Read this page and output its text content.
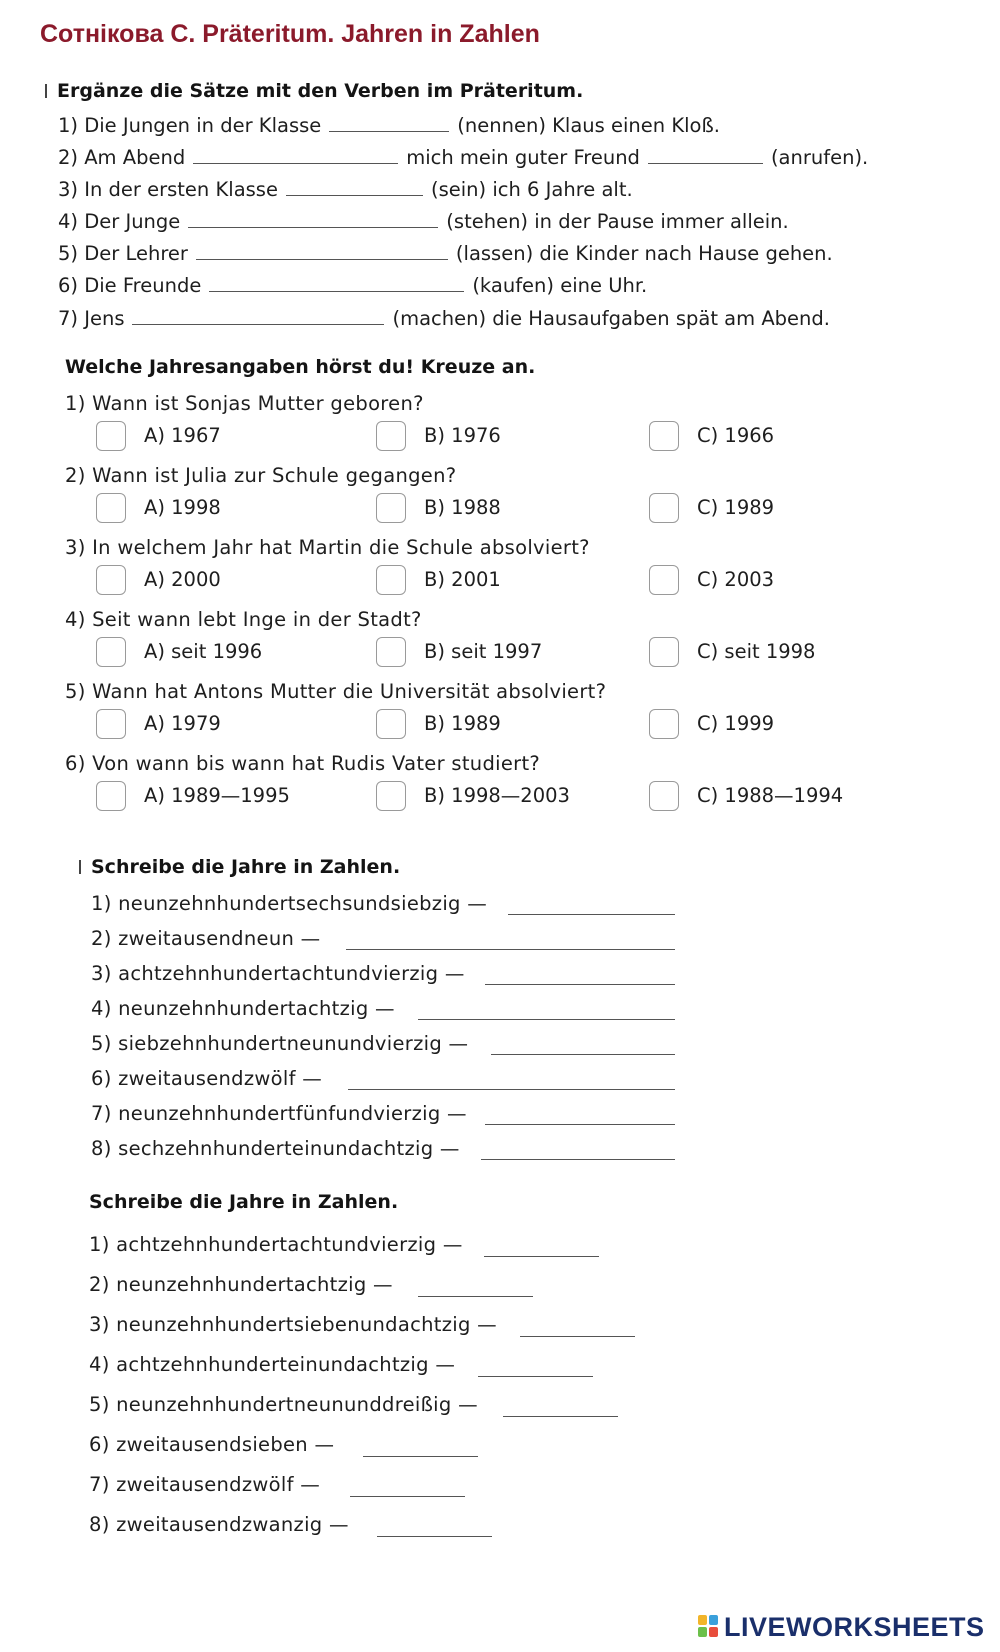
Сотнікова С. Präteritum. Jahren in Zahlen
Ergänze die Sätze mit den Verben im Präteritum.
1) Die Jungen in der Klasse	(nennen) Klaus einen Kloß.
2) Am Abend	mich mein guter Freund	(anrufen).
3) In der ersten Klasse	(sein) ich 6 Jahre alt.
4) Der Junge	(stehen) in der Pause immer allein.
5) Der Lehrer	(lassen) die Kinder nach Hause gehen.
6) Die Freunde	(kaufen) eine Uhr.
7) Jens	(machen) die Hausaufgaben spät am Abend.
Welche Jahresangaben hörst du! Kreuze an.
1) Wann ist Sonjas Mutter geboren?
A) 1967	B) 1976	C) 1966
2) Wann ist Julia zur Schule gegangen?
A) 1998	B) 1988	C) 1989
3) In welchem Jahr hat Martin die Schule absolviert?
A) 2000	B) 2001	C) 2003
4) Seit wann lebt Inge in der Stadt?
A) seit 1996	B) seit 1997	C) seit 1998
5) Wann hat Antons Mutter die Universität absolviert?
A) 1979	B) 1989	C) 1999
6) Von wann bis wann hat Rudis Vater studiert?
A) 1989—1995	B) 1998—2003	C) 1988—1994
Schreibe die Jahre in Zahlen.
1) neunzehnhundertsechsundsiebzig —
2) zweitausendneun —
3) achtzehnhundertachtundvierzig —
4) neunzehnhundertachtzig —
5) siebzehnhundertneunundvierzig —
6) zweitausendzwölf —
7) neunzehnhundertfünfundvierzig —
8) sechzehnhunderteinundachtzig —
Schreibe die Jahre in Zahlen.
1) achtzehnhundertachtundvierzig —
2) neunzehnhundertachtzig —
3) neunzehnhundertsiebenundachtzig —
4) achtzehnhunderteinundachtzig —
5) neunzehnhundertneununddreißig —
6) zweitausendsieben —
7) zweitausendzwölf —
8) zweitausendzwanzig —
LIVEWORKSHEETS
